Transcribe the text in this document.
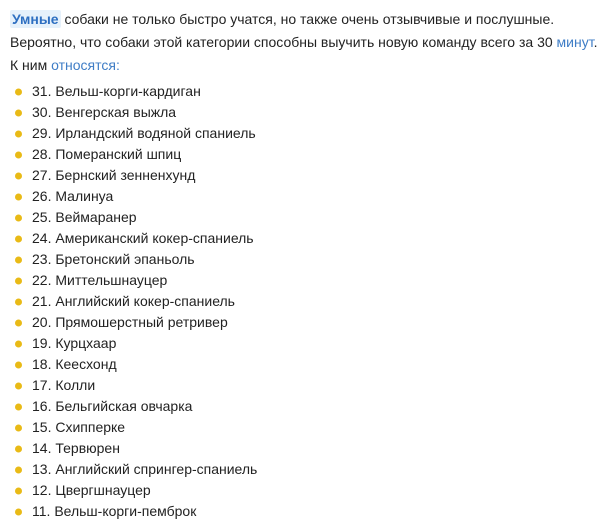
Умные собаки не только быстро учатся, но также очень отзывчивые и послушные. Вероятно, что собаки этой категории способны выучить новую команду всего за 30 минут. К ним относятся:

31. Вельш-корги-кардиган
30. Венгерская выжла
29. Ирландский водяной спаниель
28. Померанский шпиц
27. Бернский зенненхунд
26. Малинуа
25. Веймаранер
24. Американский кокер-спаниель
23. Бретонский эпаньоль
22. Миттельшнауцер
21. Английский кокер-спаниель
20. Прямошерстный ретривер
19. Курцхаар
18. Кеесхонд
17. Колли
16. Бельгийская овчарка
15. Схипперке
14. Тервюрен
13. Английский спрингер-спаниель
12. Цвергшнауцер
11. Вельш-корги-пемброк
